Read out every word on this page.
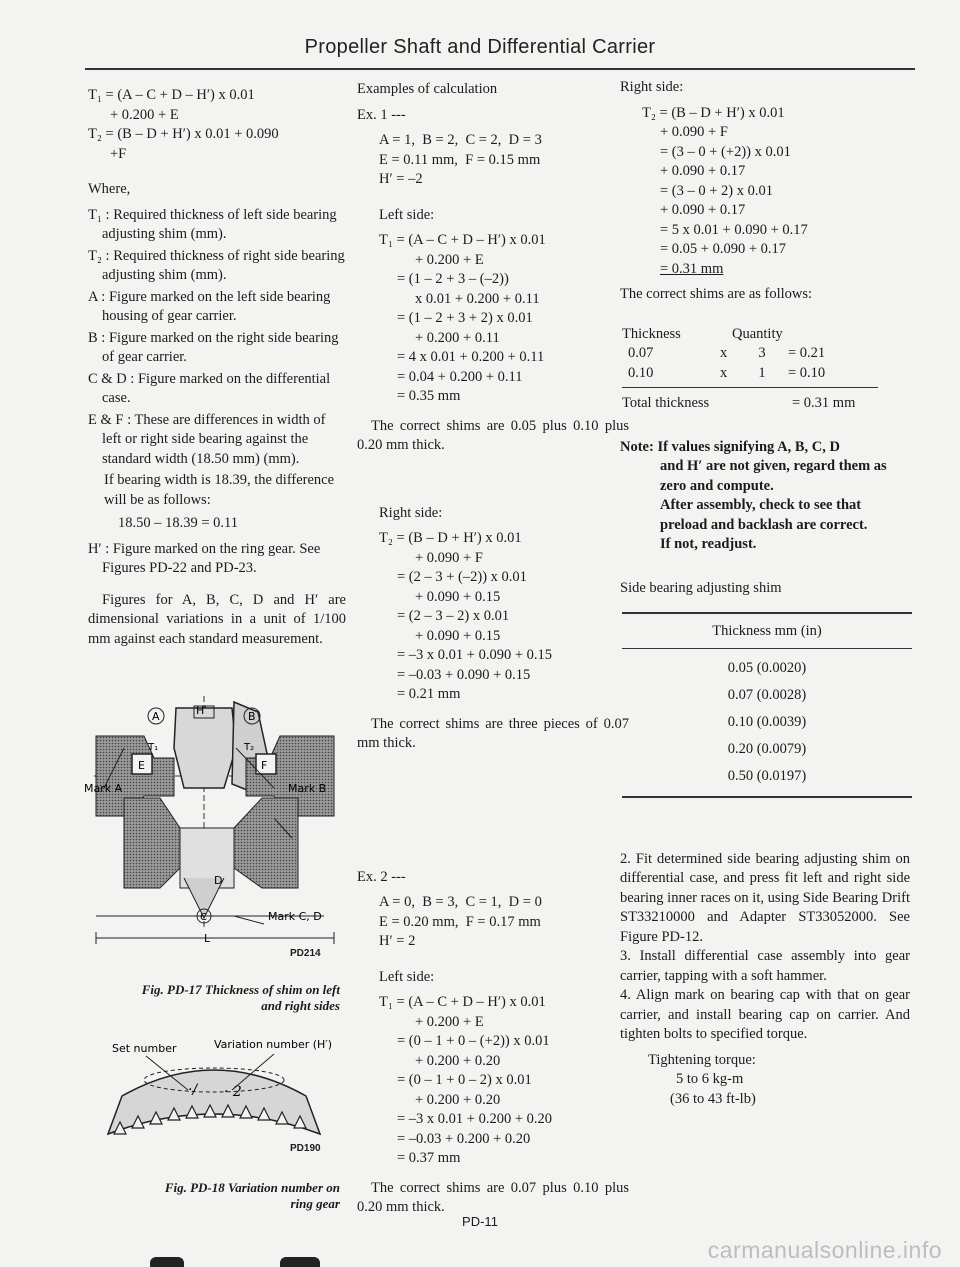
Propeller Shaft and Differential Carrier
T₁ = (A – C + D – H′) x 0.01
+ 0.200 + E
T₂ = (B – D + H′) x 0.01 + 0.090
+F
Where,

T₁ : Required thickness of left side bearing adjusting shim (mm).

T₂ : Required thickness of right side bearing adjusting shim (mm).

A : Figure marked on the left side bearing housing of gear carrier.

B : Figure marked on the right side bearing of gear carrier.

C & D : Figure marked on the differential case.

E & F : These are differences in width of left or right side bearing against the standard width (18.50 mm) (mm).

If bearing width is 18.39, the difference will be as follows:

18.50 – 18.39 = 0.11

H′ : Figure marked on the ring gear. See Figures PD-22 and PD-23.

Figures for A, B, C, D and H′ are dimensional variations in a unit of 1/100 mm against each standard measurement.
A	H′	B
T₁	T₂
E	F
Mark A	Mark B
D
C	Mark C, D
L
PD214
Fig. PD-17 Thickness of shim on left
and right sides
·/ · 2
Set number	Variation number (H′)
PD190
Fig. PD-18 Variation number on
ring gear
Examples of calculation
Ex. 1 ---
A = 1,  B = 2,  C = 2,  D = 3
E = 0.11 mm,  F = 0.15 mm
H′ = –2
Left side:
T₁ = (A – C + D – H′) x 0.01
+ 0.200 + E
= (1 – 2 + 3 – (–2))
x 0.01 + 0.200 + 0.11
= (1 – 2 + 3 + 2) x 0.01
+ 0.200 + 0.11
= 4 x 0.01 + 0.200 + 0.11
= 0.04 + 0.200 + 0.11
= 0.35 mm
The correct shims are 0.05 plus 0.10 plus 0.20 mm thick.
Right side:
T₂ = (B – D + H′) x 0.01
+ 0.090 + F
= (2 – 3 + (–2)) x 0.01
+ 0.090 + 0.15
= (2 – 3 – 2) x 0.01
+ 0.090 + 0.15
= –3 x 0.01 + 0.090 + 0.15
= –0.03 + 0.090 + 0.15
= 0.21 mm
The correct shims are three pieces of 0.07 mm thick.
Ex. 2 ---
A = 0,  B = 3,  C = 1,  D = 0
E = 0.20 mm,  F = 0.17 mm
H′ = 2
Left side:
T₁ = (A – C + D – H′) x 0.01
+ 0.200 + E
= (0 – 1 + 0 – (+2)) x 0.01
+ 0.200 + 0.20
= (0 – 1 + 0 – 2) x 0.01
+ 0.200 + 0.20
= –3 x 0.01 + 0.200 + 0.20
= –0.03 + 0.200 + 0.20
= 0.37 mm
The correct shims are 0.07 plus 0.10 plus 0.20 mm thick.
Right side:
T₂ = (B – D + H′) x 0.01
+ 0.090 + F
= (3 – 0 + (+2)) x 0.01
+ 0.090 + 0.17
= (3 – 0 + 2) x 0.01
+ 0.090 + 0.17
= 5 x 0.01 + 0.090 + 0.17
= 0.05 + 0.090 + 0.17
= 0.31 mm
The correct shims are as follows:
Thickness	Quantity
0.07	x	3	= 0.21
0.10	x	1	= 0.10
Total thickness	= 0.31 mm
Note: If values signifying A, B, C, D
and H′ are not given, regard them as
zero and compute.
After assembly, check to see that
preload and backlash are correct.
If not, readjust.
Side bearing adjusting shim
Thickness mm (in)
0.05 (0.0020)
0.07 (0.0028)
0.10 (0.0039)
0.20 (0.0079)
0.50 (0.0197)
2. Fit determined side bearing adjusting shim on differential case, and press fit left and right side bearing inner races on it, using Side Bearing Drift ST33210000 and Adapter ST33052000. See Figure PD-12.
3. Install differential case assembly into gear carrier, tapping with a soft hammer.
4. Align mark on bearing cap with that on gear carrier, and install bearing cap on carrier. And tighten bolts to specified torque.
Tightening torque:
5 to 6 kg-m
(36 to 43 ft-lb)
PD-11
carmanualsonline.info
